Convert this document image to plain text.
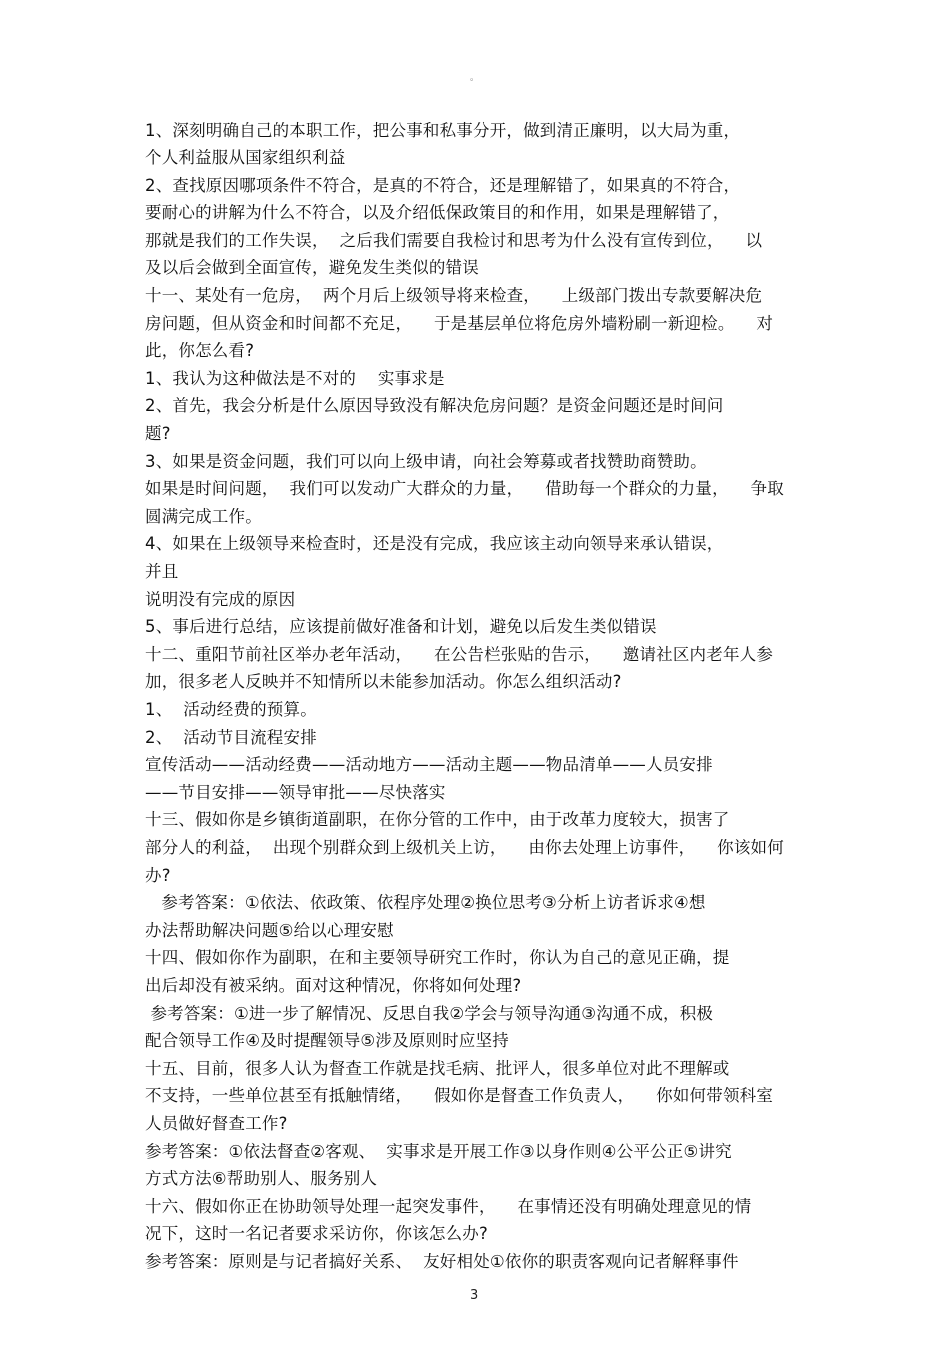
。
1、深刻明确自己的本职工作，把公事和私事分开，做到清正廉明，以大局为重，
个人利益服从国家组织利益
2、查找原因哪项条件不符合，是真的不符合，还是理解错了，如果真的不符合，
要耐心的讲解为什么不符合，以及介绍低保政策目的和作用，如果是理解错了，
那就是我们的工作失误，  之后我们需要自我检讨和思考为什么没有宣传到位，    以
及以后会做到全面宣传，避免发生类似的错误
十一、某处有一危房，  两个月后上级领导将来检查，    上级部门拨出专款要解决危
房问题，但从资金和时间都不充足，    于是基层单位将危房外墙粉刷一新迎检。    对
此，你怎么看?
1、我认为这种做法是不对的    实事求是
2、首先，我会分析是什么原因导致没有解决危房问题？是资金问题还是时间问
题?
3、如果是资金问题，我们可以向上级申请，向社会筹募或者找赞助商赞助。
如果是时间问题，  我们可以发动广大群众的力量，    借助每一个群众的力量，    争取
圆满完成工作。
4、如果在上级领导来检查时，还是没有完成，我应该主动向领导来承认错误，
并且
说明没有完成的原因
5、事后进行总结，应该提前做好准备和计划，避免以后发生类似错误
十二、重阳节前社区举办老年活动，    在公告栏张贴的告示，    邀请社区内老年人参
加，很多老人反映并不知情所以未能参加活动。你怎么组织活动?
1、  活动经费的预算。
2、  活动节目流程安排
宣传活动——活动经费——活动地方——活动主题——物品清单——人员安排
——节目安排——领导审批——尽快落实
十三、假如你是乡镇街道副职，在你分管的工作中，由于改革力度较大，损害了
部分人的利益，  出现个别群众到上级机关上访，    由你去处理上访事件，    你该如何
办?
参考答案：①依法、依政策、依程序处理②换位思考③分析上访者诉求④想
办法帮助解决问题⑤给以心理安慰
十四、假如你作为副职，在和主要领导研究工作时，你认为自己的意见正确，提
出后却没有被采纳。面对这种情况，你将如何处理?
参考答案：①进一步了解情况、反思自我②学会与领导沟通③沟通不成，积极
配合领导工作④及时提醒领导⑤涉及原则时应坚持
十五、目前，很多人认为督查工作就是找毛病、批评人，很多单位对此不理解或
不支持，一些单位甚至有抵触情绪，    假如你是督查工作负责人，    你如何带领科室
人员做好督查工作?
参考答案：①依法督查②客观、  实事求是开展工作③以身作则④公平公正⑤讲究
方式方法⑥帮助别人、服务别人
十六、假如你正在协助领导处理一起突发事件，    在事情还没有明确处理意见的情
况下，这时一名记者要求采访你，你该怎么办?
参考答案：原则是与记者搞好关系、  友好相处①依你的职责客观向记者解释事件
3
